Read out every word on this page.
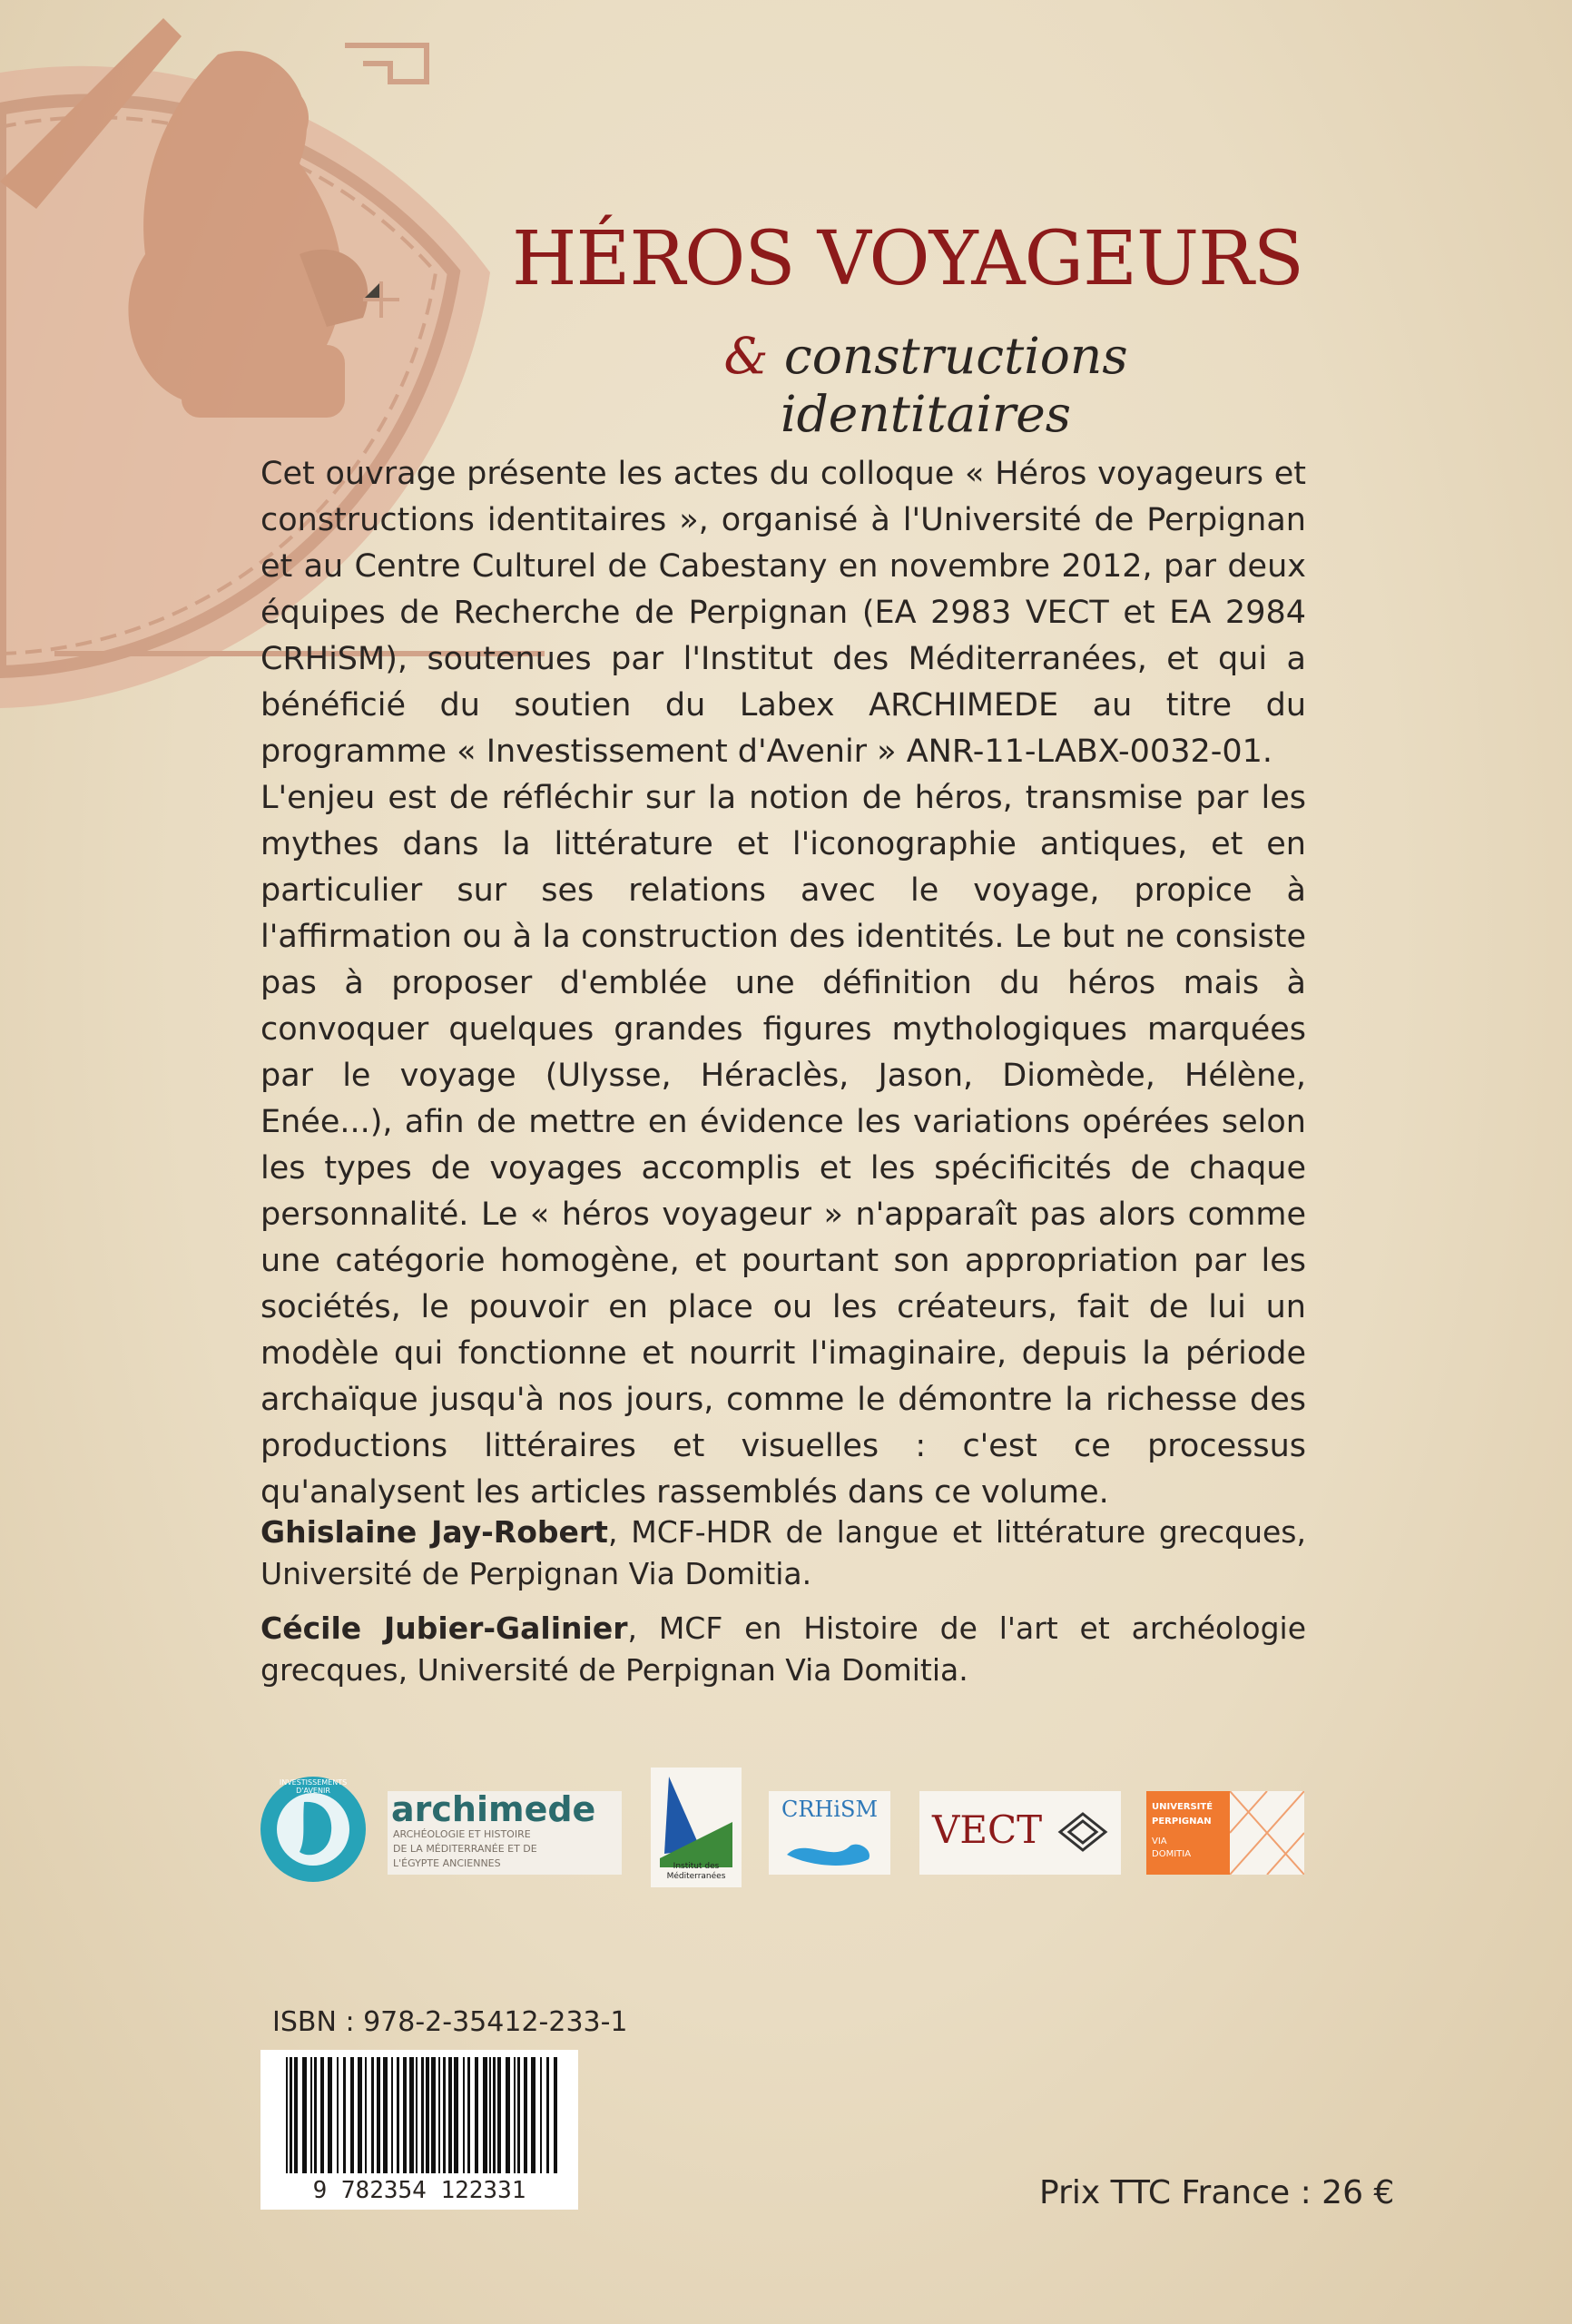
HÉROS VOYAGEURS

& constructions identitaires

Cet ouvrage présente les actes du colloque « Héros voyageurs et constructions identitaires », organisé à l'Université de Perpignan et au Centre Culturel de Cabestany en novembre 2012, par deux équipes de Recherche de Perpignan (EA 2983 VECT et EA 2984 CRHiSM), soutenues par l'Institut des Méditerranées, et qui a bénéficié du soutien du Labex ARCHIMEDE au titre du programme « Investissement d'Avenir » ANR-11-LABX-0032-01.

L'enjeu est de réfléchir sur la notion de héros, transmise par les mythes dans la littérature et l'iconographie antiques, et en particulier sur ses relations avec le voyage, propice à l'affirmation ou à la construction des identités. Le but ne consiste pas à proposer d'emblée une définition du héros mais à convoquer quelques grandes figures mythologiques marquées par le voyage (Ulysse, Héraclès, Jason, Diomède, Hélène, Enée...), afin de mettre en évidence les variations opérées selon les types de voyages accomplis et les spécificités de chaque personnalité. Le « héros voyageur » n'apparaît pas alors comme une catégorie homogène, et pourtant son appropriation par les sociétés, le pouvoir en place ou les créateurs, fait de lui un modèle qui fonctionne et nourrit l'imaginaire, depuis la période archaïque jusqu'à nos jours, comme le démontre la richesse des productions littéraires et visuelles : c'est ce processus qu'analysent les articles rassemblés dans ce volume.

Ghislaine Jay-Robert, MCF-HDR de langue et littérature grecques, Université de Perpignan Via Domitia.

Cécile Jubier-Galinier, MCF en Histoire de l'art et archéologie grecques, Université de Perpignan Via Domitia.

INVESTISSEMENTS D'AVENIR	archimede
ARCHÉOLOGIE ET HISTOIRE
DE LA MÉDITERRANÉE ET DE
L'ÉGYPTE ANCIENNES	Institut des Méditerranées
CRHiSM	VECT
UNIVERSITÉ
PERPIGNAN
VIA
DOMITIA
ISBN : 978-2-35412-233-1
9 782354 122331	Prix TTC France : 26 €
